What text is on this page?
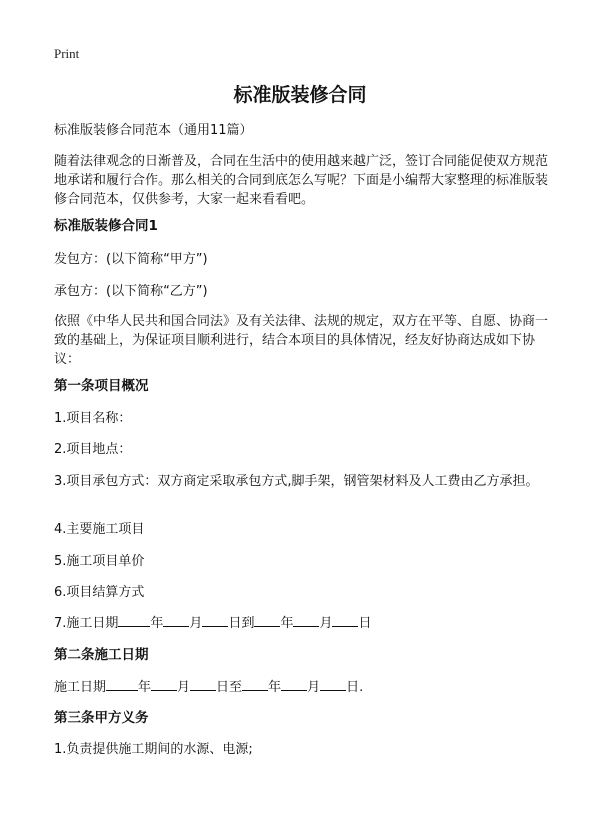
Print
标准版装修合同
标准版装修合同范本（通用11篇）
随着法律观念的日渐普及，合同在生活中的使用越来越广泛，签订合同能促使双方规范地承诺和履行合作。那么相关的合同到底怎么写呢？下面是小编帮大家整理的标准版装修合同范本，仅供参考，大家一起来看看吧。
标准版装修合同1
发包方：(以下简称“甲方”)
承包方：(以下简称“乙方”)
依照《中华人民共和国合同法》及有关法律、法规的规定，双方在平等、自愿、协商一致的基础上，为保证项目顺利进行，结合本项目的具体情况，经友好协商达成如下协议：
第一条项目概况
1.项目名称：
2.项目地点：
3.项目承包方式：双方商定采取承包方式,脚手架，钢管架材料及人工费由乙方承担。
4.主要施工项目
5.施工项目单价
6.项目结算方式
7.施工日期 年 月 日到 年 月 日
第二条施工日期
施工日期 年 月 日至 年 月 日.
第三条甲方义务
1.负责提供施工期间的水源、电源;
